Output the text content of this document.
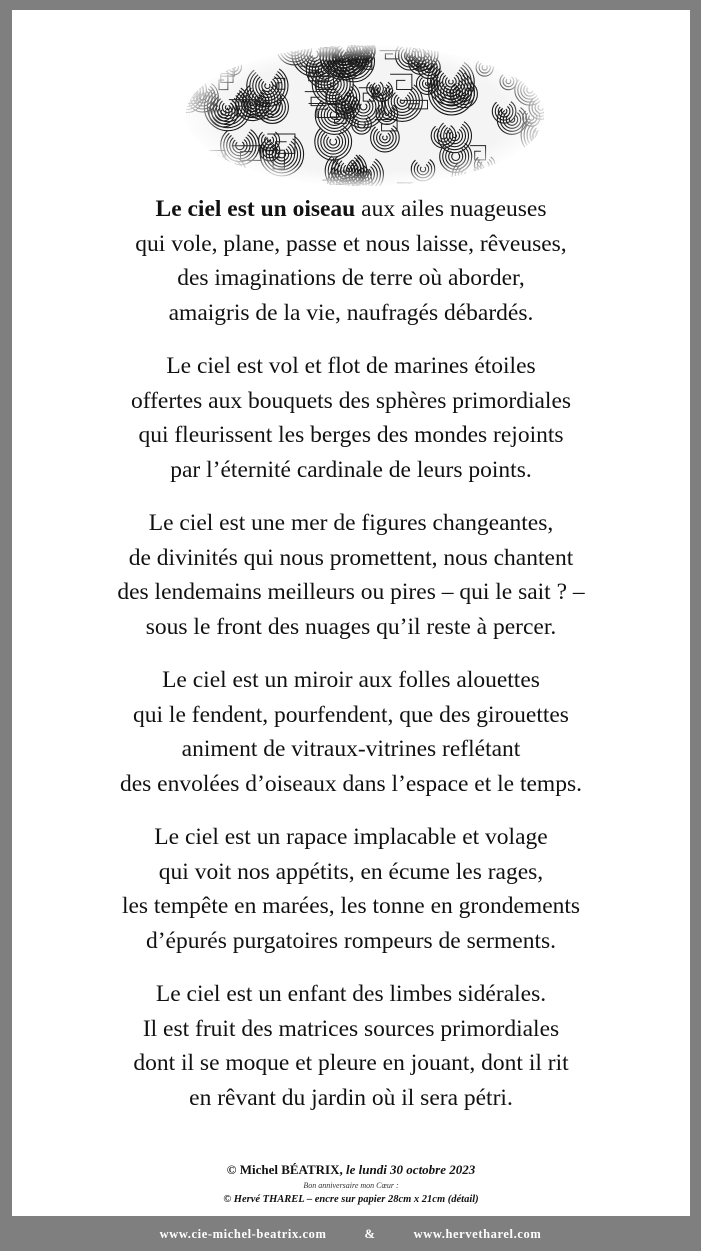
Le ciel est un oiseau aux ailes nuageuses
qui vole, plane, passe et nous laisse, rêveuses,
des imaginations de terre où aborder,
amaigris de la vie, naufragés débardés.
Le ciel est vol et flot de marines étoiles
offertes aux bouquets des sphères primordiales
qui fleurissent les berges des mondes rejoints
par l’éternité cardinale de leurs points.
Le ciel est une mer de figures changeantes,
de divinités qui nous promettent, nous chantent
des lendemains meilleurs ou pires – qui le sait ? –
sous le front des nuages qu’il reste à percer.
Le ciel est un miroir aux folles alouettes
qui le fendent, pourfendent, que des girouettes
animent de vitraux-vitrines reflétant
des envolées d’oiseaux dans l’espace et le temps.
Le ciel est un rapace implacable et volage
qui voit nos appétits, en écume les rages,
les tempête en marées, les tonne en grondements
d’épurés purgatoires rompeurs de serments.
Le ciel est un enfant des limbes sidérales.
Il est fruit des matrices sources primordiales
dont il se moque et pleure en jouant, dont il rit
en rêvant du jardin où il sera pétri.
© Michel BÉATRIX, le lundi 30 octobre 2023
Bon anniversaire mon Cœur :
© Hervé THAREL – encre sur papier 28cm x 21cm (détail)
www.cie-michel-beatrix.com	&	www.hervetharel.com
